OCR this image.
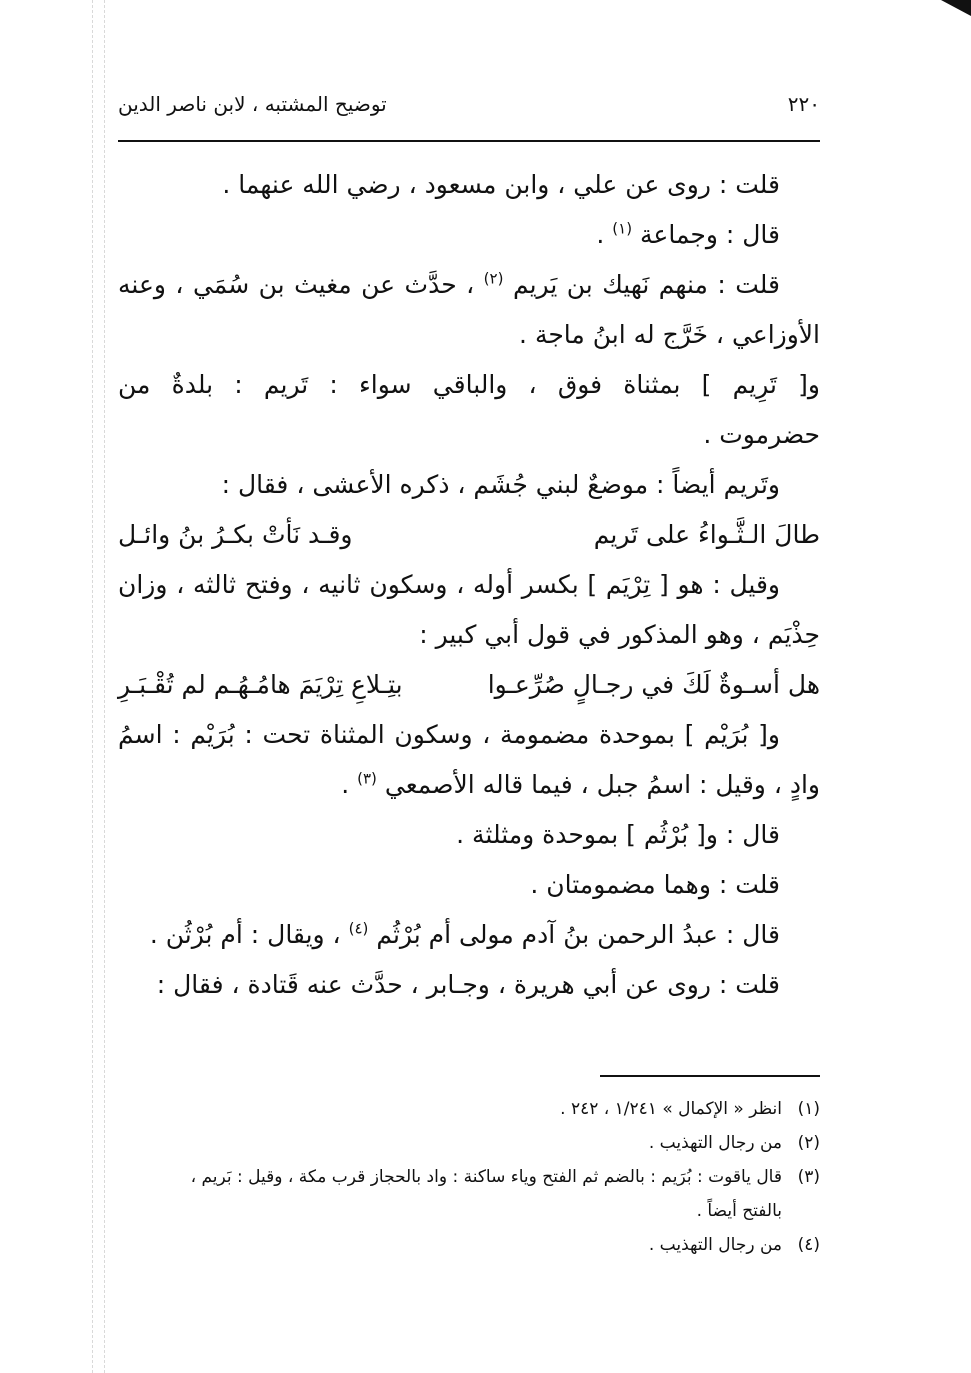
٢٢٠
توضيح المشتبه ، لابن ناصر الدين
قلت : روى عن علي ، وابن مسعود ، رضي الله عنهما .
قال : وجماعة $^{(١)}$ .
قلت : منهم نَهيك بن يَريم $^{(٢)}$ ، حدَّث عن مغيث بن سُمَي ، وعنه
الأوزاعي ، خَرَّج له ابنُ ماجة .
و[ تَرِيم ] بمثناة فوق ، والباقي سواء : تَريم : بلدةٌ من
حضرموت .
وتَريم أيضاً : موضعٌ لبني جُشَم ، ذكره الأعشى ، فقال :
طالَ الـثَّـواءُ على تَريم
وقـد نَأتْ بكـرُ بنُ وائـل
وقيل : هو [ تِرْيَم ] بكسر أوله ، وسكون ثانيه ، وفتح ثالثه ، وزان
حِذْيَم ، وهو المذكور في قول أبي كبير :
هل أسـوةٌ لَكَ في رجـالٍ صُرِّعـوا
بتِـلاعِ تِرْيَمَ هامُـهُـم لم تُقْـبَـرِ
و[ بُرَيْم ] بموحدة مضمومة ، وسكون المثناة تحت : بُرَيْم : اسمُ
وادٍ ، وقيل : اسمُ جبل ، فيما قاله الأصمعي $^{(٣)}$ .
قال : و[ بُرْثُم ] بموحدة ومثلثة .
قلت : وهما مضمومتان .
قال : عبدُ الرحمن بنُ آدم مولى أم بُرْثُم $^{(٤)}$ ، ويقال : أم بُرْثُن .
قلت : روى عن أبي هريرة ، وجـابر ، حدَّث عنه قَتادة ، فقال :
(١)انظر « الإكمال » ١/٢٤١ ، ٢٤٢ .
(٢)من رجال التهذيب .
(٣)قال ياقوت : بُرَيم : بالضم ثم الفتح وياء ساكنة : واد بالحجاز قرب مكة ، وقيل : بَريم ،
بالفتح أيضاً .
(٤)من رجال التهذيب .
